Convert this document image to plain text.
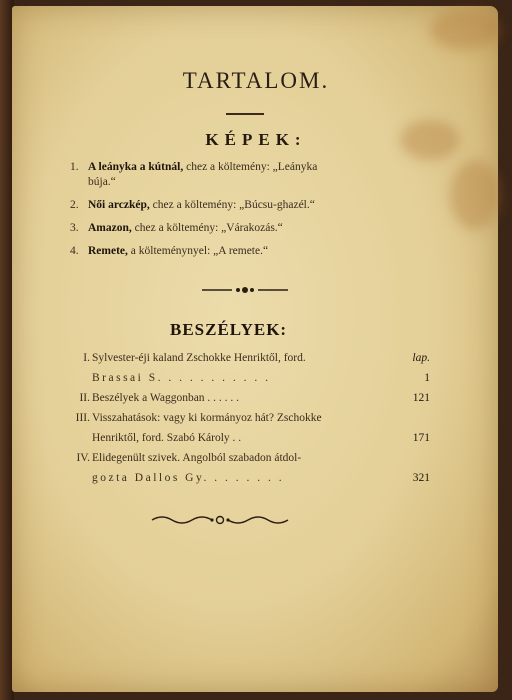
TARTALOM.
KÉPEK:
1. A leányka a kútnál, chez a költemény: „Leányka
búja.“
2. Női arczkép, chez a költemény: „Búcsu-ghazél.“
3. Amazon, chez a költemény: „Várakozás.“
4. Remete, a költeménynyel: „A remete.“
BESZÉLYEK:
I. Sylvester-éji kaland Zschokke Henriktől, ford.	lap.
Brassai S. . . . . . . . . . .	1
II. Beszélyek a Waggonban . . . . . .	121
III. Visszahatások: vagy ki kormányoz hát? Zschokke
Henriktől, ford. Szabó Károly . .	171
IV. Elidegenült szivek. Angolból szabadon átdol-
gozta Dallos Gy. . . . . . . .	321
